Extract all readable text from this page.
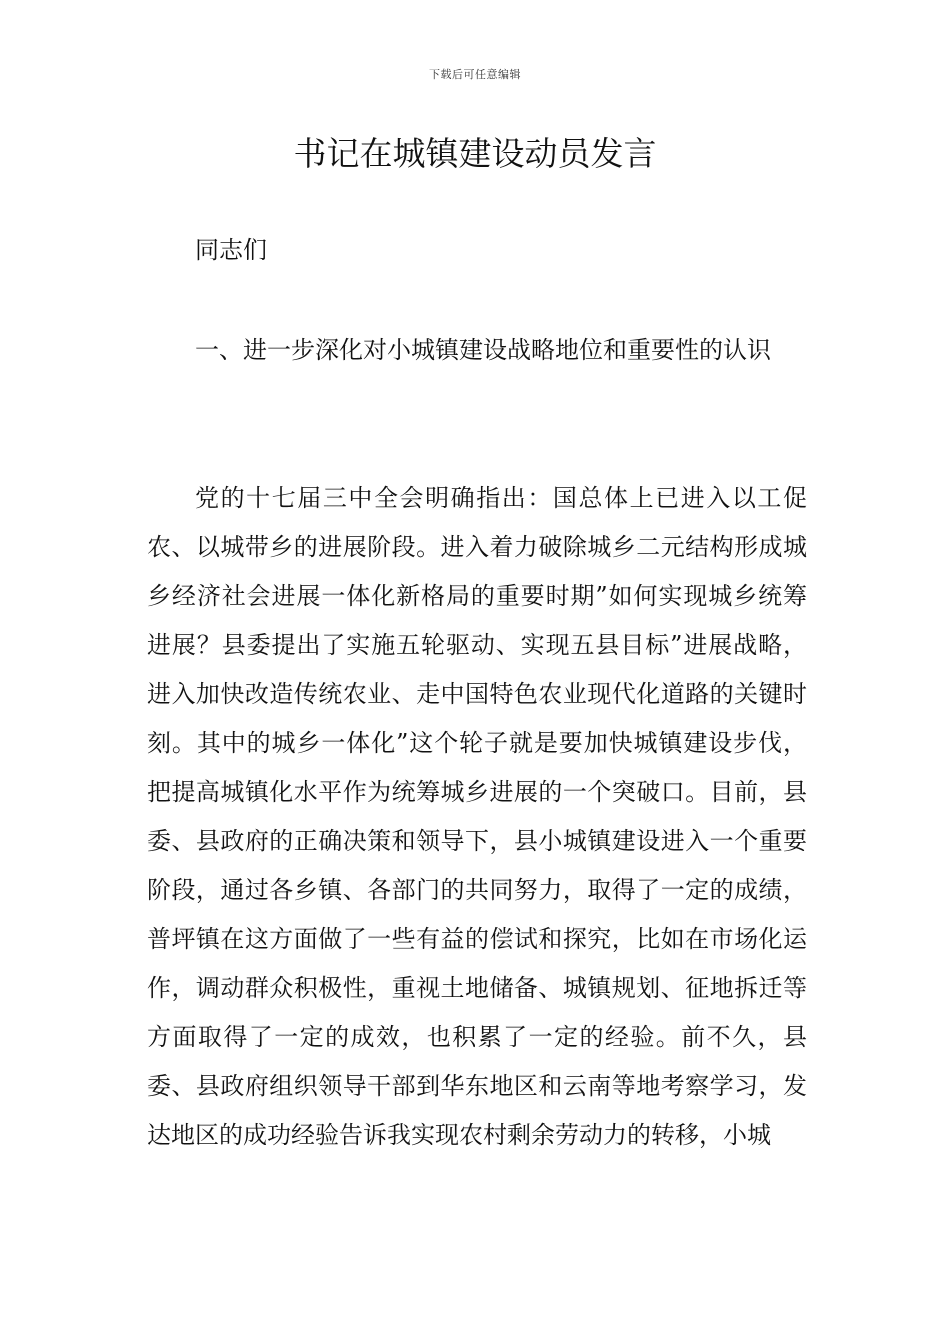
下载后可任意编辑
书记在城镇建设动员发言

同志们

一、进一步深化对小城镇建设战略地位和重要性的认识

党的十七届三中全会明确指出：国总体上已进入以工促农、以城带乡的进展阶段。进入着力破除城乡二元结构形成城乡经济社会进展一体化新格局的重要时期”如何实现城乡统筹进展？县委提出了实施五轮驱动、实现五县目标”进展战略，进入加快改造传统农业、走中国特色农业现代化道路的关键时刻。其中的城乡一体化”这个轮子就是要加快城镇建设步伐，把提高城镇化水平作为统筹城乡进展的一个突破口。目前，县委、县政府的正确决策和领导下，县小城镇建设进入一个重要阶段，通过各乡镇、各部门的共同努力，取得了一定的成绩，普坪镇在这方面做了一些有益的偿试和探究，比如在市场化运作，调动群众积极性，重视土地储备、城镇规划、征地拆迁等方面取得了一定的成效，也积累了一定的经验。前不久，县委、县政府组织领导干部到华东地区和云南等地考察学习，发达地区的成功经验告诉我实现农村剩余劳动力的转移，小城
